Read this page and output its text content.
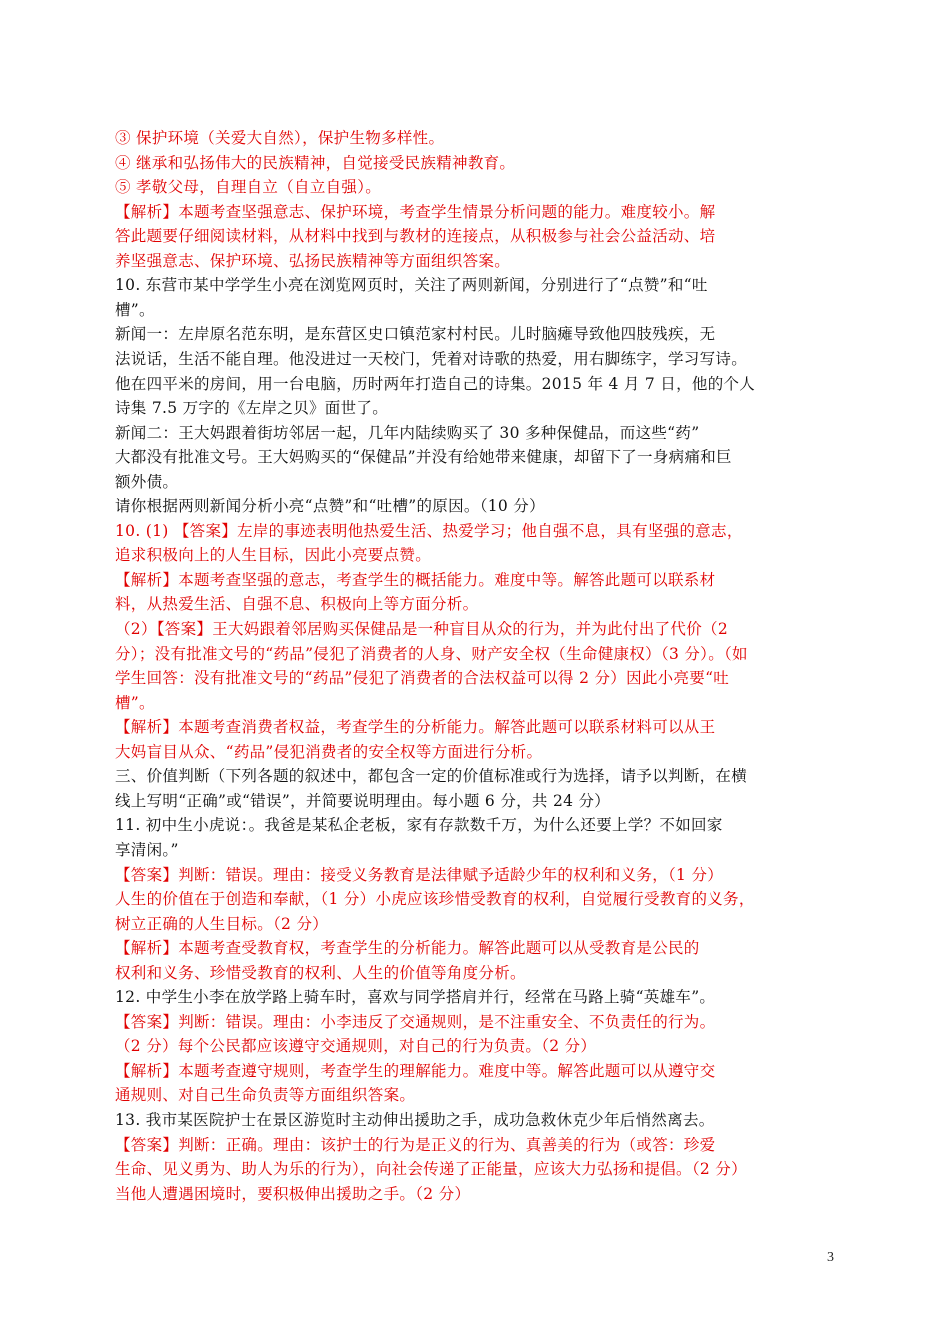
③ 保护环境（关爱大自然），保护生物多样性。
④ 继承和弘扬伟大的民族精神，自觉接受民族精神教育。
⑤ 孝敬父母，自理自立（自立自强）。
【解析】本题考查坚强意志、保护环境，考查学生情景分析问题的能力。难度较小。解
答此题要仔细阅读材料，从材料中找到与教材的连接点，从积极参与社会公益活动、培
养坚强意志、保护环境、弘扬民族精神等方面组织答案。
10. 东营市某中学学生小亮在浏览网页时，关注了两则新闻，分别进行了“点赞”和“吐
槽”。
新闻一：左岸原名范东明，是东营区史口镇范家村村民。儿时脑瘫导致他四肢残疾，无
法说话，生活不能自理。他没进过一天校门，凭着对诗歌的热爱，用右脚练字，学习写诗。
他在四平米的房间，用一台电脑，历时两年打造自己的诗集。2015 年 4 月 7 日，他的个人
诗集 7.5 万字的《左岸之贝》面世了。
新闻二：王大妈跟着街坊邻居一起，几年内陆续购买了 30 多种保健品，而这些“药”
大都没有批准文号。王大妈购买的“保健品”并没有给她带来健康，却留下了一身病痛和巨
额外债。
请你根据两则新闻分析小亮“点赞”和“吐槽”的原因。（10 分）
10. (1) 【答案】左岸的事迹表明他热爱生活、热爱学习；他自强不息，具有坚强的意志，
追求积极向上的人生目标，因此小亮要点赞。
【解析】本题考查坚强的意志，考查学生的概括能力。难度中等。解答此题可以联系材
料，从热爱生活、自强不息、积极向上等方面分析。
（2）【答案】王大妈跟着邻居购买保健品是一种盲目从众的行为，并为此付出了代价（2
分）；没有批准文号的“药品”侵犯了消费者的人身、财产安全权（生命健康权）（3 分）。（如
学生回答：没有批准文号的“药品”侵犯了消费者的合法权益可以得 2 分）因此小亮要“吐
槽”。
【解析】本题考查消费者权益，考查学生的分析能力。解答此题可以联系材料可以从王
大妈盲目从众、“药品”侵犯消费者的安全权等方面进行分析。
三、价值判断（下列各题的叙述中，都包含一定的价值标准或行为选择，请予以判断，在横
线上写明“正确”或“错误”，并简要说明理由。每小题 6 分，共 24 分）
11. 初中生小虎说：。我爸是某私企老板，家有存款数千万，为什么还要上学？不如回家
享清闲。”
【答案】判断：错误。理由：接受义务教育是法律赋予适龄少年的权利和义务，（1 分）
人生的价值在于创造和奉献，（1 分）小虎应该珍惜受教育的权利，自觉履行受教育的义务，
树立正确的人生目标。（2 分）
【解析】本题考查受教育权，考查学生的分析能力。解答此题可以从受教育是公民的
权利和义务、珍惜受教育的权利、人生的价值等角度分析。
12. 中学生小李在放学路上骑车时，喜欢与同学搭肩并行，经常在马路上骑“英雄车”。
【答案】判断：错误。理由：小李违反了交通规则，是不注重安全、不负责任的行为。
（2 分）每个公民都应该遵守交通规则，对自己的行为负责。（2 分）
【解析】本题考查遵守规则，考查学生的理解能力。难度中等。解答此题可以从遵守交
通规则、对自己生命负责等方面组织答案。
13. 我市某医院护士在景区游览时主动伸出援助之手，成功急救休克少年后悄然离去。
【答案】判断：正确。理由：该护士的行为是正义的行为、真善美的行为（或答：珍爱
生命、见义勇为、助人为乐的行为），向社会传递了正能量，应该大力弘扬和提倡。（2 分）
当他人遭遇困境时，要积极伸出援助之手。（2 分）
3
